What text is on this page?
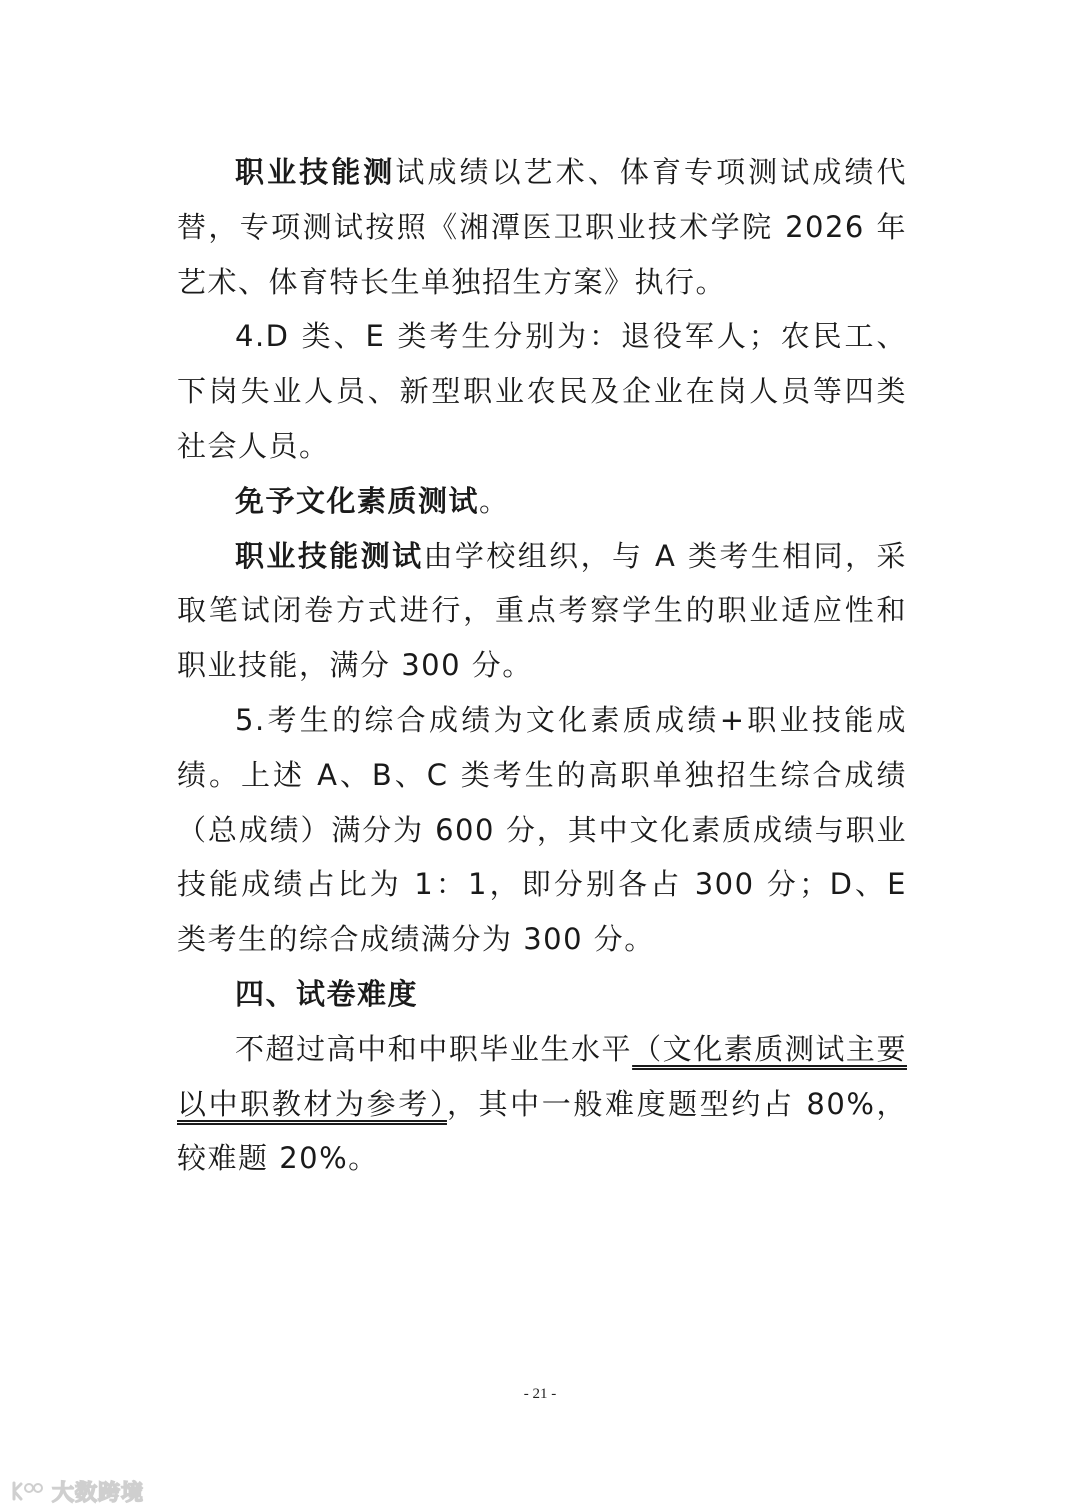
职业技能测试成绩以艺术、体育专项测试成绩代替，专项测试按照《湘潭医卫职业技术学院 2026 年艺术、体育特长生单独招生方案》执行。

4.D 类、E 类考生分别为：退役军人；农民工、下岗失业人员、新型职业农民及企业在岗人员等四类社会人员。

免予文化素质测试。

职业技能测试由学校组织，与 A 类考生相同，采取笔试闭卷方式进行，重点考察学生的职业适应性和职业技能，满分 300 分。

5.考生的综合成绩为文化素质成绩+职业技能成绩。上述 A、B、C 类考生的高职单独招生综合成绩（总成绩）满分为 600 分，其中文化素质成绩与职业技能成绩占比为 1：1，即分别各占 300 分；D、E 类考生的综合成绩满分为 300 分。

四、试卷难度

不超过高中和中职毕业生水平（文化素质测试主要以中职教材为参考），其中一般难度题型约占 80%，较难题 20%。

- 21 -
大数跨境
